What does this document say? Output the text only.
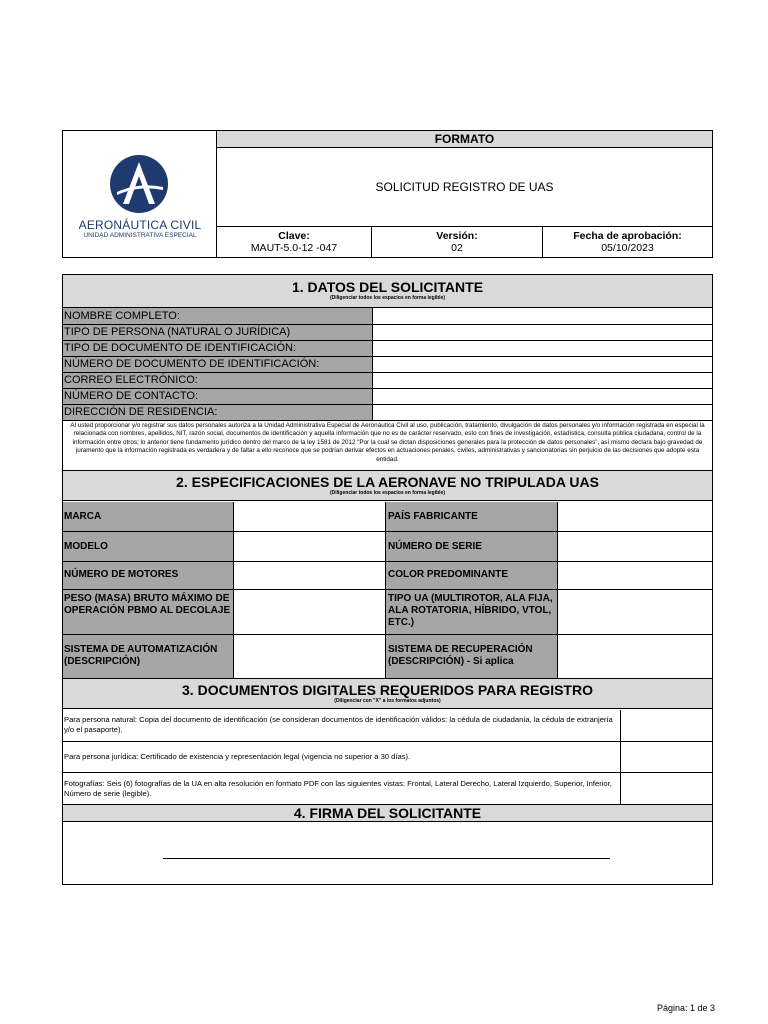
AERONÁUTICA CIVIL
UNIDAD ADMINISTRATIVA ESPECIAL
FORMATO
SOLICITUD REGISTRO DE UAS
Clave:
MAUT-5.0-12 -047
Versión:
02
Fecha de aprobación:
05/10/2023
1. DATOS DEL SOLICITANTE
(Diligenciar todos los espacios en forma legible)
NOMBRE COMPLETO:
TIPO DE PERSONA (NATURAL O JURÍDICA)
TIPO DE DOCUMENTO DE IDENTIFICACIÓN:
NÚMERO DE DOCUMENTO DE IDENTIFICACIÓN:
CORREO ELECTRÓNICO:
NÚMERO DE CONTACTO:
DIRECCIÓN DE RESIDENCIA:
Al usted proporcionar y/o registrar sus datos personales autoriza a la Unidad Administrativa Especial de Aeronáutica Civil al uso, publicación, tratamiento, divulgación de datos personales y/o información registrada en especial la relacionada con nombres, apellidos, NIT, razón social, documentos de identificación y aquella información que no es de carácter reservado, esto con fines de investigación, estadística, consulta pública ciudadana, control de la información entre otros; lo anterior tiene fundamento jurídico dentro del marco de la ley 1581 de 2012 “Por la cual se dictan disposiciones generales para la protección de datos personales”, así mismo declara bajo gravedad de juramento que la información registrada es verdadera y de faltar a ello reconoce que se podrían derivar efectos en actuaciones penales, civiles, administrativas y sancionatorias sin perjuicio de las decisiones que adopte esta entidad.
2. ESPECIFICACIONES DE LA AERONAVE NO TRIPULADA UAS
(Diligenciar todos los espacios en forma legible)
MARCA
MODELO
NÚMERO DE MOTORES
PESO (MASA) BRUTO MÁXIMO DE OPERACIÓN PBMO AL DECOLAJE
SISTEMA DE AUTOMATIZACIÓN (DESCRIPCIÓN)
PAÍS FABRICANTE
NÚMERO DE SERIE
COLOR PREDOMINANTE
TIPO UA (MULTIROTOR, ALA FIJA, ALA ROTATORIA, HÍBRIDO, VTOL, ETC.)
SISTEMA DE RECUPERACIÓN (DESCRIPCIÓN) - Si aplica
3. DOCUMENTOS DIGITALES REQUERIDOS PARA REGISTRO
(Diligenciar con "X" a los formatos adjuntos)
Para persona natural: Copia del documento de identificación (se consideran documentos de identificación válidos: la cédula de ciudadanía, la cédula de extranjería y/o el pasaporte).
Para persona jurídica: Certificado de existencia y representación legal (vigencia no superior a 30 días).
Fotografías: Seis (6) fotografías de la UA en alta resolución en formato PDF con las siguientes vistas: Frontal, Lateral Derecho, Lateral Izquierdo, Superior, Inferior, Número de serie (legible).
4. FIRMA DEL SOLICITANTE
Página: 1 de 3
